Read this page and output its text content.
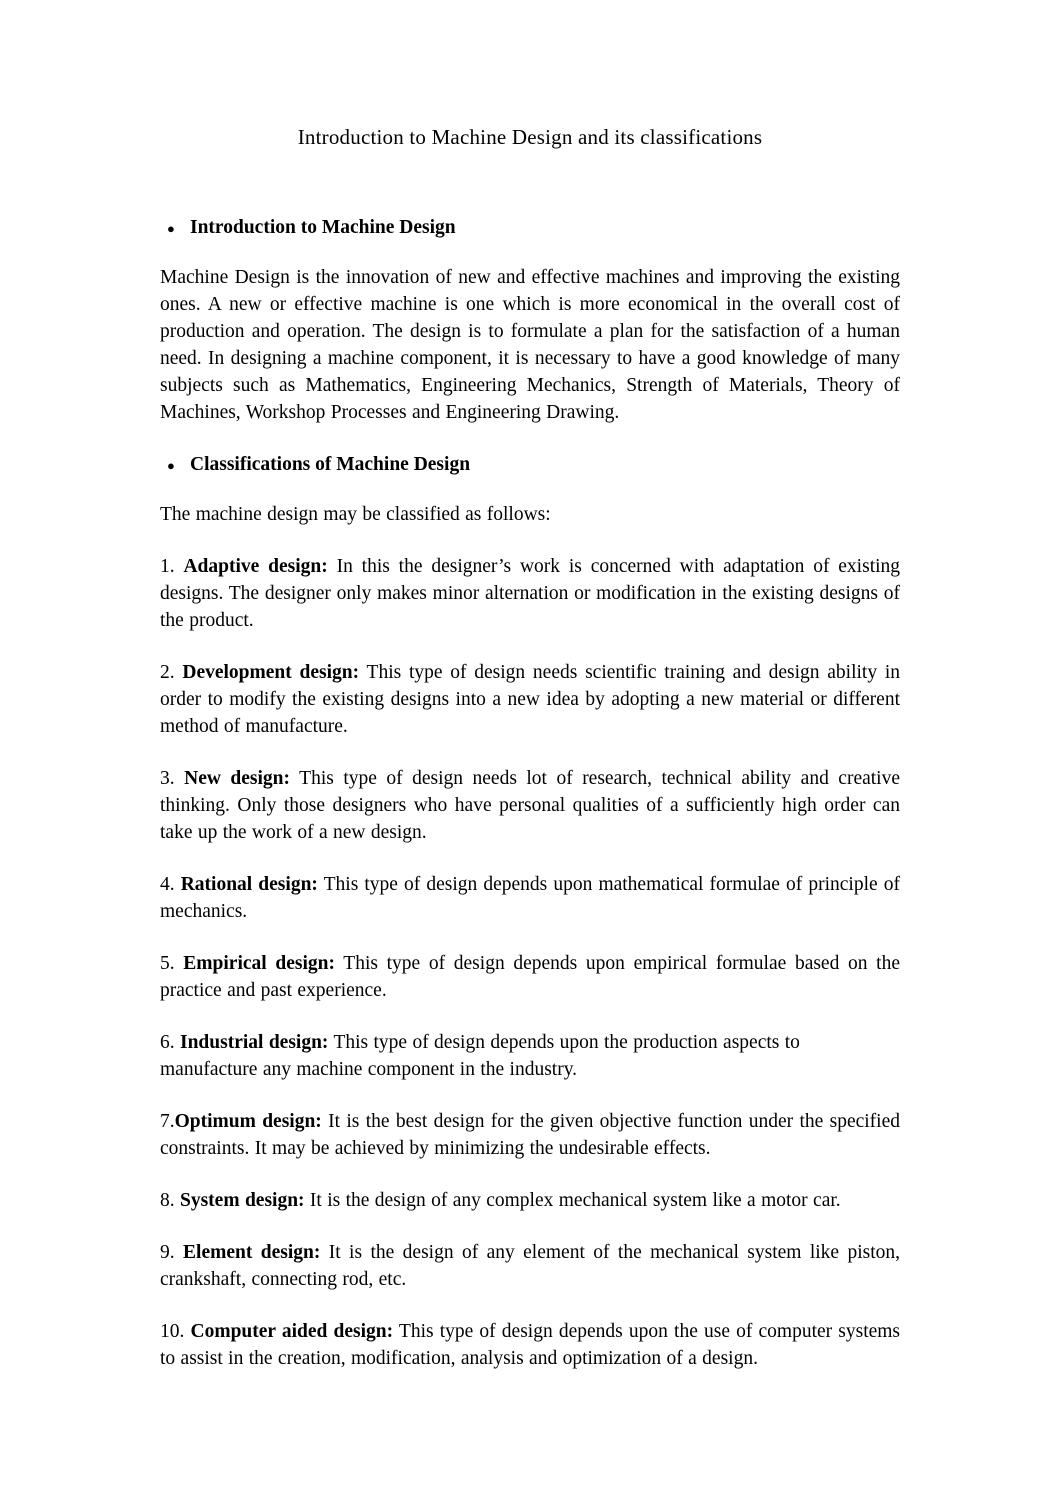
Introduction to Machine Design and its classifications
● Introduction to Machine Design

Machine Design is the innovation of new and effective machines and improving the existing ones. A new or effective machine is one which is more economical in the overall cost of production and operation. The design is to formulate a plan for the satisfaction of a human need. In designing a machine component, it is necessary to have a good knowledge of many subjects such as Mathematics, Engineering Mechanics, Strength of Materials, Theory of Machines, Workshop Processes and Engineering Drawing.

● Classifications of Machine Design

The machine design may be classified as follows:

1. Adaptive design: In this the designer’s work is concerned with adaptation of existing designs. The designer only makes minor alternation or modification in the existing designs of the product.

2. Development design: This type of design needs scientific training and design ability in order to modify the existing designs into a new idea by adopting a new material or different method of manufacture.

3. New design: This type of design needs lot of research, technical ability and creative thinking. Only those designers who have personal qualities of a sufficiently high order can take up the work of a new design.

4. Rational design: This type of design depends upon mathematical formulae of principle of mechanics.

5. Empirical design: This type of design depends upon empirical formulae based on the practice and past experience.

6. Industrial design: This type of design depends upon the production aspects to manufacture any machine component in the industry.

7.Optimum design: It is the best design for the given objective function under the specified constraints. It may be achieved by minimizing the undesirable effects.

8. System design: It is the design of any complex mechanical system like a motor car.

9. Element design: It is the design of any element of the mechanical system like piston, crankshaft, connecting rod, etc.

10. Computer aided design: This type of design depends upon the use of computer systems to assist in the creation, modification, analysis and optimization of a design.
